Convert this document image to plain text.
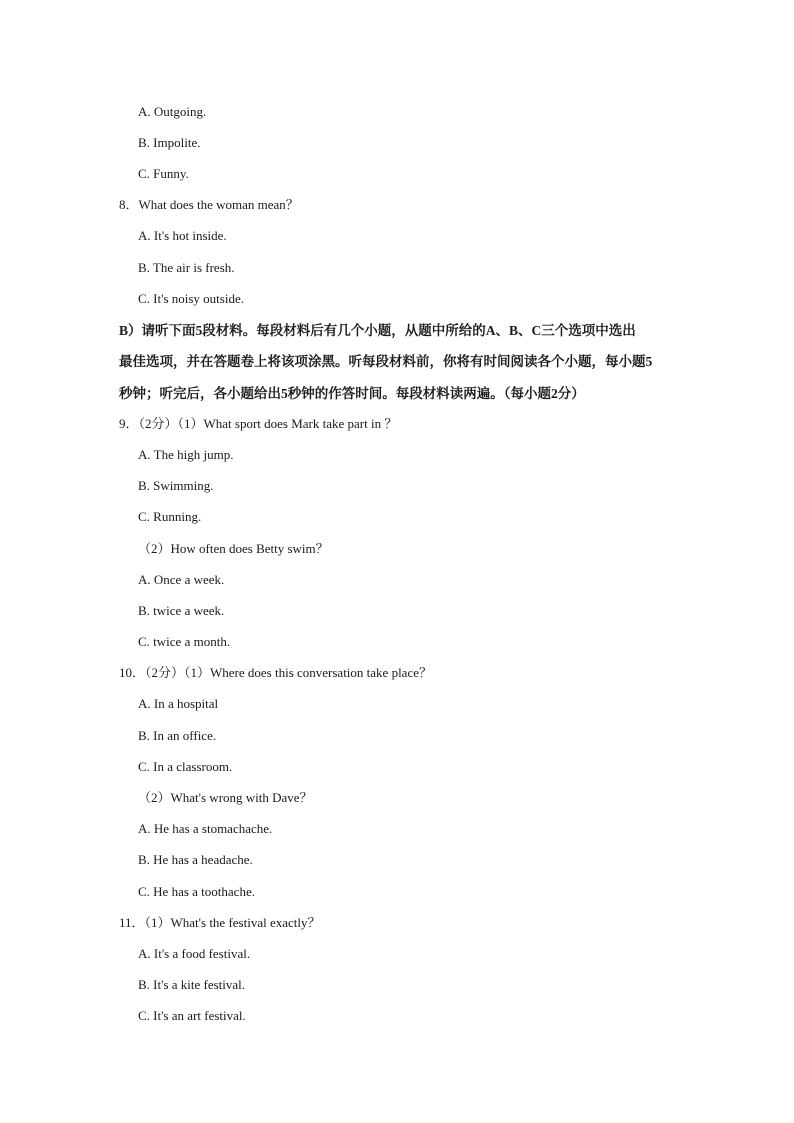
A. Outgoing.
B. Impolite.
C. Funny.
8．What does the woman mean？
A. It's hot inside.
B. The air is fresh.
C. It's noisy outside.
B）请听下面5段材料。每段材料后有几个小题，从题中所给的A、B、C三个选项中选出
最佳选项，并在答题卷上将该项涂黑。听每段材料前，你将有时间阅读各个小题，每小题5
秒钟；听完后，各小题给出5秒钟的作答时间。每段材料读两遍。（每小题2分）
9．（2分）（1）What sport does Mark take part in ？
A. The high jump.
B. Swimming.
C. Running.
（2）How often does Betty swim？
A. Once a week.
B. twice a week.
C. twice a month.
10．（2分）（1）Where does this conversation take place？
A. In a hospital
B. In an office.
C. In a classroom.
（2）What's wrong with Dave？
A. He has a stomachache.
B. He has a headache.
C. He has a toothache.
11．（1）What's the festival exactly？
A. It's a food festival.
B. It's a kite festival.
C. It's an art festival.
